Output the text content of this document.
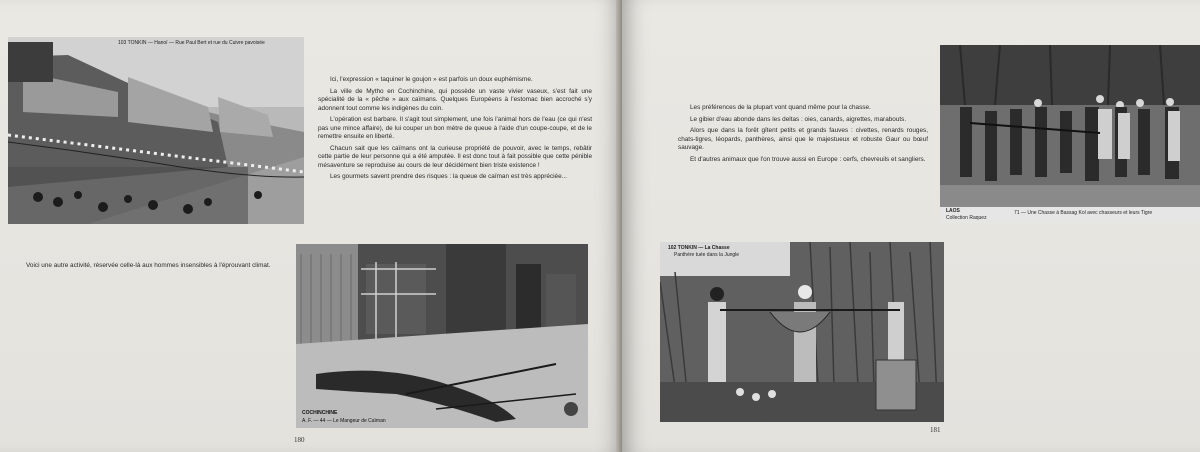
103 TONKIN — Hanoï — Rue Paul Bert et rue du Cuivre pavoisée

Ici, l'expression « taquiner le goujon » est parfois un doux euphémisme.

La ville de Mytho en Cochinchine, qui possède un vaste vivier vaseux, s'est fait une spécialité de la « pêche » aux caïmans. Quelques Européens à l'estomac bien accroché s'y adonnent tout comme les indigènes du coin.

L'opération est barbare. Il s'agit tout simplement, une fois l'animal hors de l'eau (ce qui n'est pas une mince affaire), de lui couper un bon mètre de queue à l'aide d'un coupe-coupe, et de le remettre ensuite en liberté.

Chacun sait que les caïmans ont la curieuse propriété de pouvoir, avec le temps, rebâtir cette partie de leur personne qui a été amputée. Il est donc tout à fait possible que cette pénible mésaventure se reproduise au cours de leur décidément bien triste existence !

Les gourmets savent prendre des risques : la queue de caïman est très appréciée...

Voici une autre activité, réservée celle-là aux hommes insensibles à l'éprouvant climat.

COCHINCHINE
A. F. — 44 — Le Mangeur de Caïman
180

Les préférences de la plupart vont quand même pour la chasse.

Le gibier d'eau abonde dans les deltas : oies, canards, aigrettes, marabouts.

Alors que dans la forêt gîtent petits et grands fauves : civettes, renards rouges, chats-tigres, léopards, panthères, ainsi que le majestueux et robuste Gaur ou bœuf sauvage.

Et d'autres animaux que l'on trouve aussi en Europe : cerfs, chevreuils et sangliers.

LAOS
Collection Raquez
71 — Une Chasse à Bassag Kol avec chasseurs et leurs Tigre
102 TONKIN — La Chasse
Panthère tuée dans la Jungle
181
